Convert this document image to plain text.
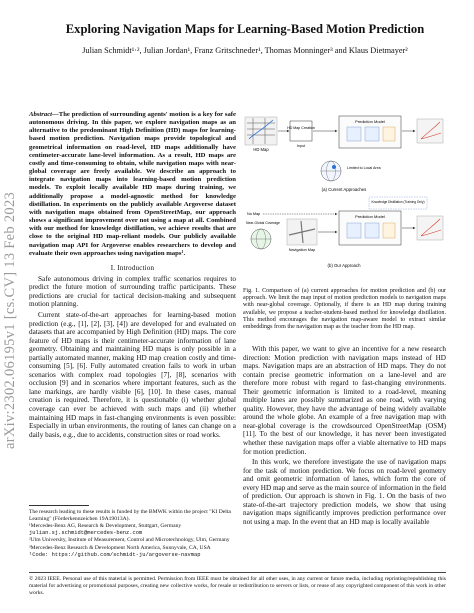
arXiv:2302.06195v1 [cs.CV] 13 Feb 2023
Exploring Navigation Maps for Learning-Based Motion Prediction
Julian Schmidt¹·², Julian Jordan¹, Franz Gritschneder¹, Thomas Monninger³ and Klaus Dietmayer²

Abstract—The prediction of surrounding agents' motion is a key for safe autonomous driving. In this paper, we explore navigation maps as an alternative to the predominant High Definition (HD) maps for learning-based motion prediction. Navigation maps provide topological and geometrical information on road-level, HD maps additionally have centimeter-accurate lane-level information. As a result, HD maps are costly and time-consuming to obtain, while navigation maps with near-global coverage are freely available. We describe an approach to integrate navigation maps into learning-based motion prediction models. To exploit locally available HD maps during training, we additionally propose a model-agnostic method for knowledge distillation. In experiments on the publicly available Argoverse dataset with navigation maps obtained from OpenStreetMap, our approach shows a significant improvement over not using a map at all. Combined with our method for knowledge distillation, we achieve results that are close to the original HD map-reliant models. Our publicly available navigation map API for Argoverse enables researchers to develop and evaluate their own approaches using navigation maps¹.

I. Introduction

Safe autonomous driving in complex traffic scenarios requires to predict the future motion of surrounding traffic participants. These predictions are crucial for tactical decision-making and subsequent motion planning.

Current state-of-the-art approaches for learning-based motion prediction (e.g., [1], [2], [3], [4]) are developed for and evaluated on datasets that are accompanied by High Definition (HD) maps. The core feature of HD maps is their centimeter-accurate information of lane geometry. Obtaining and maintaining HD maps is only possible in a partially automated manner, making HD map creation costly and time-consuming [5], [6]. Fully automated creation fails to work in urban scenarios with complex road topologies [7], [8], scenarios with occlusion [9] and in scenarios where important features, such as the lane markings, are hardly visible [6], [10]. In these cases, manual creation is required. Therefore, it is questionable (i) whether global coverage can ever be achieved with such maps and (ii) whether maintaining HD maps in fast-changing environments is even possible: Especially in urban environments, the routing of lanes can change on a daily basis, e.g., due to accidents, construction sites or road works.

The research leading to these results is funded by the BMWK within the project "KI Delta Learning" (Förderkennzeichen 19A19013A).
¹Mercedes-Benz AG, Research & Development, Stuttgart, Germany
julian.sj.schmidt@mercedes-benz.com
²Ulm University, Institute of Measurement, Control and Microtechnology, Ulm, Germany
³Mercedes-Benz Research & Development North America, Sunnyvale, CA, USA
¹Code: https://github.com/schmidt-ju/argoverse-navmap
HD Map
HD Map Creation
Input
Prediction Model
Limited to Local Area
(a) Current Approaches
No Map
Knowledge Distillation (Training Only)
Prediction Model
Navigation Map
Near-Global Coverage
(b) Our Approach

Fig. 1. Comparison of (a) current approaches for motion prediction and (b) our approach. We limit the map input of motion prediction models to navigation maps with near-global coverage. Optionally, if there is an HD map during training available, we propose a teacher-student-based method for knowledge distillation. This method encourages the navigation map-aware model to extract similar embeddings from the navigation map as the teacher from the HD map.

With this paper, we want to give an incentive for a new research direction: Motion prediction with navigation maps instead of HD maps. Navigation maps are an abstraction of HD maps. They do not contain precise geometric information on a lane-level and are therefore more robust with regard to fast-changing environments. Their geometric information is limited to a road-level, meaning multiple lanes are possibly summarized as one road, with varying quality. However, they have the advantage of being widely available around the whole globe. An example of a free navigation map with near-global coverage is the crowdsourced OpenStreetMap (OSM) [11]. To the best of our knowledge, it has never been investigated whether these navigation maps offer a viable alternative to HD maps for motion prediction.

In this work, we therefore investigate the use of navigation maps for the task of motion prediction. We focus on road-level geometry and omit geometric information of lanes, which form the core of every HD map and serve as the main source of information in the field of prediction. Our approach is shown in Fig. 1. On the basis of two state-of-the-art trajectory prediction models, we show that using navigation maps significantly improves prediction performance over not using a map. In the event that an HD map is locally available

© 2023 IEEE. Personal use of this material is permitted. Permission from IEEE must be obtained for all other uses, in any current or future media, including reprinting/republishing this material for advertising or promotional purposes, creating new collective works, for resale or redistribution to servers or lists, or reuse of any copyrighted component of this work in other works.
